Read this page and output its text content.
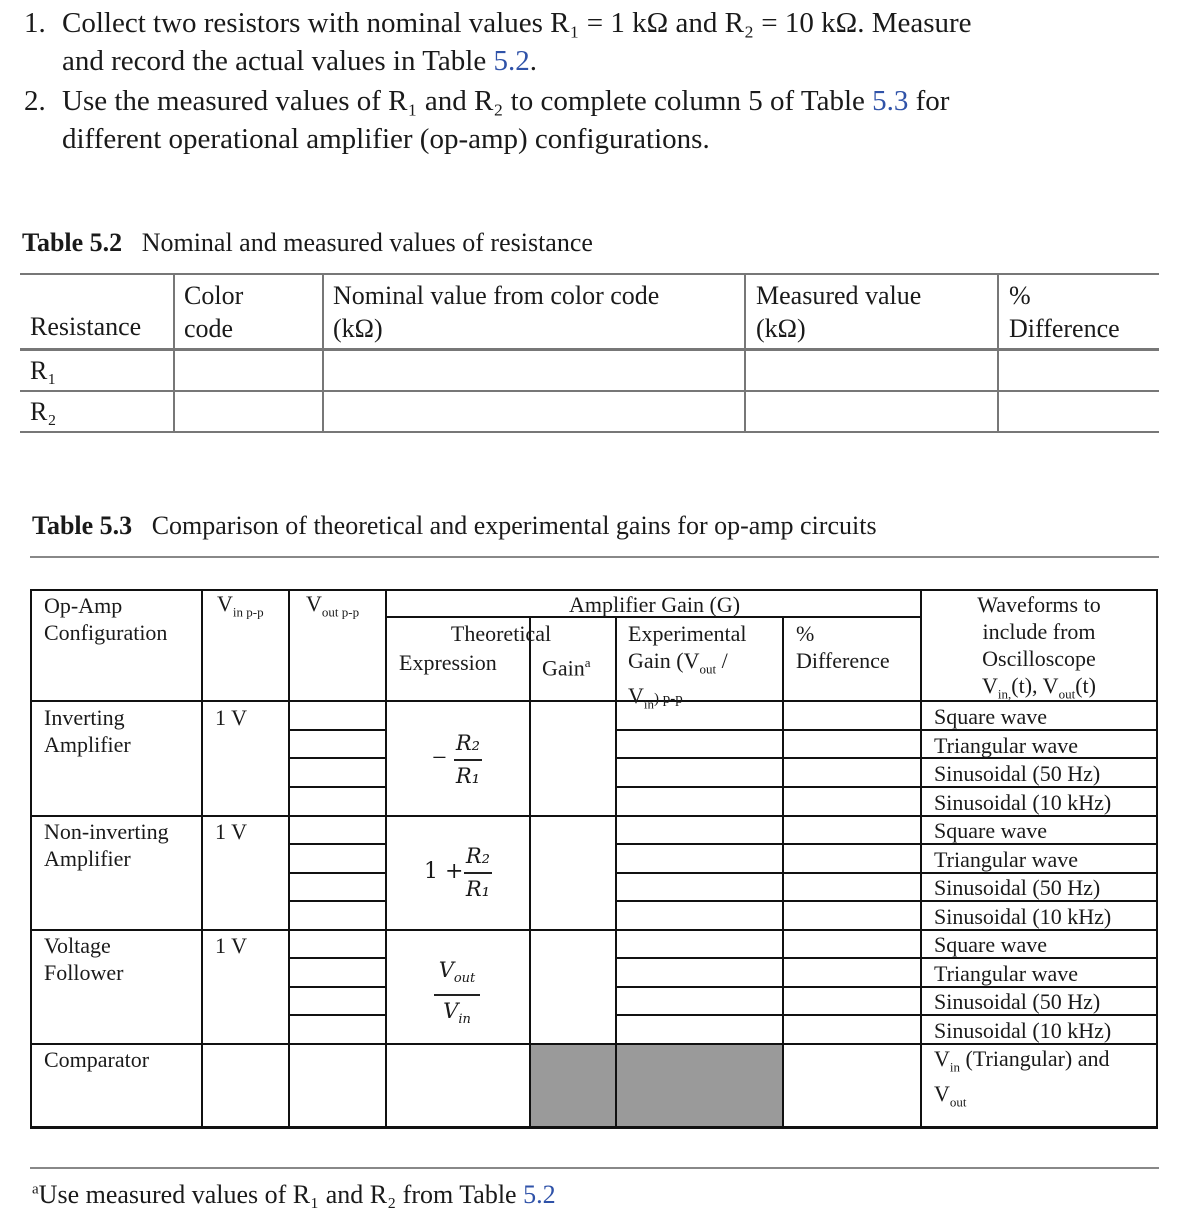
1. Collect two resistors with nominal values R₁ = 1 kΩ and R₂ = 10 kΩ. Measure
and record the actual values in Table 5.2.
2. Use the measured values of R₁ and R₂ to complete column 5 of Table 5.3 for
different operational amplifier (op-amp) configurations.
Table 5.2 Nominal and measured values of resistance
Resistance
Color
code
Nominal value from color code
(kΩ)
Measured value
(kΩ)
%
Difference
R₁
R₂
Table 5.3 Comparison of theoretical and experimental gains for op-amp circuits
Op-Amp
Configuration
$V_{in p-p}$ $V_{out p-p}$	Amplifier Gain (G)
Theoretical
Expression Gain$^a$
Experimental
Gain ($V_{out}$ /
$V_{in}$) p-p
%
Difference
Waveforms to
include from
Oscilloscope
$V_{in,}(t)$, $V_{out}(t)$
Inverting
Amplifier
1 V
− R₂
R₁
Square wave
Triangular wave
Sinusoidal (50 Hz)
Sinusoidal (10 kHz)
Non-inverting
Amplifier
1 V
1 +
R₂
R₁
Square wave
Triangular wave
Sinusoidal (50 Hz)
Sinusoidal (10 kHz)
Voltage
Follower
1 V
$V_{out}$
$V_{in}$
Square wave
Triangular wave
Sinusoidal (50 Hz)
Sinusoidal (10 kHz)
Comparator	$V_{in}$ (Triangular) and
$V_{out}$
$^a$Use measured values of R₁ and R₂ from Table 5.2
